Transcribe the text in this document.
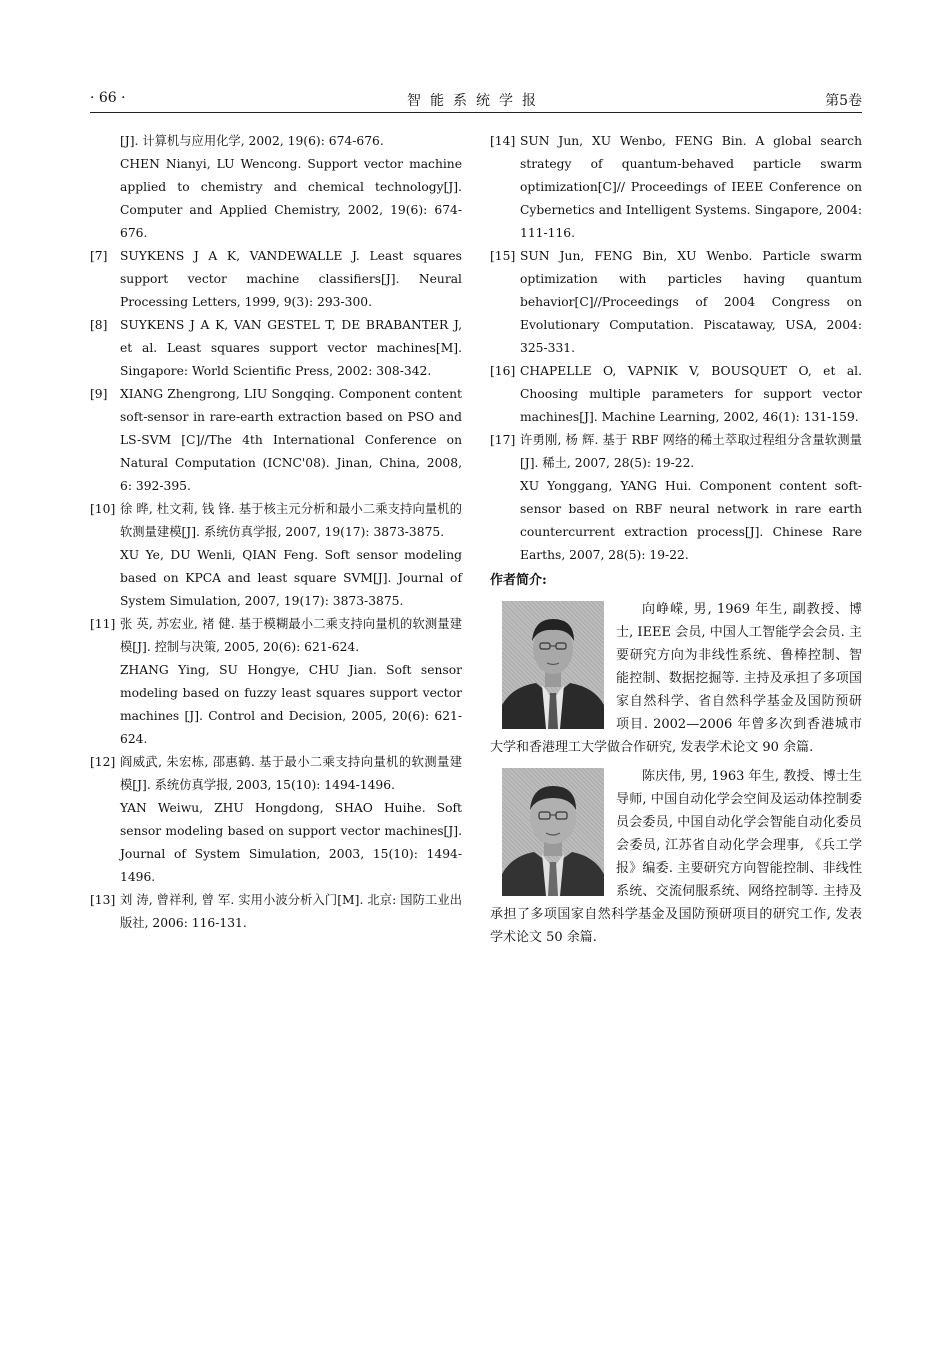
· 66 ·	智能系统学报	第5卷
[J]. 计算机与应用化学, 2002, 19(6): 674-676.
CHEN Nianyi, LU Wencong. Support vector machine applied to chemistry and chemical technology[J]. Computer and Applied Chemistry, 2002, 19(6): 674-676.
[7] SUYKENS J A K, VANDEWALLE J. Least squares support vector machine classifiers[J]. Neural Processing Letters, 1999, 9(3): 293-300.
[8] SUYKENS J A K, VAN GESTEL T, DE BRABANTER J, et al. Least squares support vector machines[M]. Singapore: World Scientific Press, 2002: 308-342.
[9] XIANG Zhengrong, LIU Songqing. Component content soft-sensor in rare-earth extraction based on PSO and LS-SVM [C]//The 4th International Conference on Natural Computation (ICNC'08). Jinan, China, 2008, 6: 392-395.
[10] 徐 晔, 杜文莉, 钱 锋. 基于核主元分析和最小二乘支持向量机的软测量建模[J]. 系统仿真学报, 2007, 19(17): 3873-3875.
XU Ye, DU Wenli, QIAN Feng. Soft sensor modeling based on KPCA and least square SVM[J]. Journal of System Simulation, 2007, 19(17): 3873-3875.
[11] 张 英, 苏宏业, 褚 健. 基于模糊最小二乘支持向量机的软测量建模[J]. 控制与决策, 2005, 20(6): 621-624.
ZHANG Ying, SU Hongye, CHU Jian. Soft sensor modeling based on fuzzy least squares support vector machines [J]. Control and Decision, 2005, 20(6): 621-624.
[12] 阎威武, 朱宏栋, 邵惠鹤. 基于最小二乘支持向量机的软测量建模[J]. 系统仿真学报, 2003, 15(10): 1494-1496.
YAN Weiwu, ZHU Hongdong, SHAO Huihe. Soft sensor modeling based on support vector machines[J]. Journal of System Simulation, 2003, 15(10): 1494-1496.
[13] 刘 涛, 曾祥利, 曾 军. 实用小波分析入门[M]. 北京: 国防工业出版社, 2006: 116-131.
[14] SUN Jun, XU Wenbo, FENG Bin. A global search strategy of quantum-behaved particle swarm optimization[C]// Proceedings of IEEE Conference on Cybernetics and Intelligent Systems. Singapore, 2004: 111-116.
[15] SUN Jun, FENG Bin, XU Wenbo. Particle swarm optimization with particles having quantum behavior[C]//Proceedings of 2004 Congress on Evolutionary Computation. Piscataway, USA, 2004: 325-331.
[16] CHAPELLE O, VAPNIK V, BOUSQUET O, et al. Choosing multiple parameters for support vector machines[J]. Machine Learning, 2002, 46(1): 131-159.
[17] 许勇刚, 杨 辉. 基于 RBF 网络的稀土萃取过程组分含量软测量[J]. 稀土, 2007, 28(5): 19-22.
XU Yonggang, YANG Hui. Component content soft-sensor based on RBF neural network in rare earth countercurrent extraction process[J]. Chinese Rare Earths, 2007, 28(5): 19-22.
作者简介:
向峥嵘, 男, 1969 年生, 副教授、博士, IEEE 会员, 中国人工智能学会会员. 主要研究方向为非线性系统、鲁棒控制、智能控制、数据挖掘等. 主持及承担了多项国家自然科学、省自然科学基金及国防预研项目. 2002—2006 年曾多次到香港城市大学和香港理工大学做合作研究, 发表学术论文 90 余篇.
陈庆伟, 男, 1963 年生, 教授、博士生导师, 中国自动化学会空间及运动体控制委员会委员, 中国自动化学会智能自动化委员会委员, 江苏省自动化学会理事, 《兵工学报》编委. 主要研究方向智能控制、非线性系统、交流伺服系统、网络控制等. 主持及承担了多项国家自然科学基金及国防预研项目的研究工作, 发表学术论文 50 余篇.
